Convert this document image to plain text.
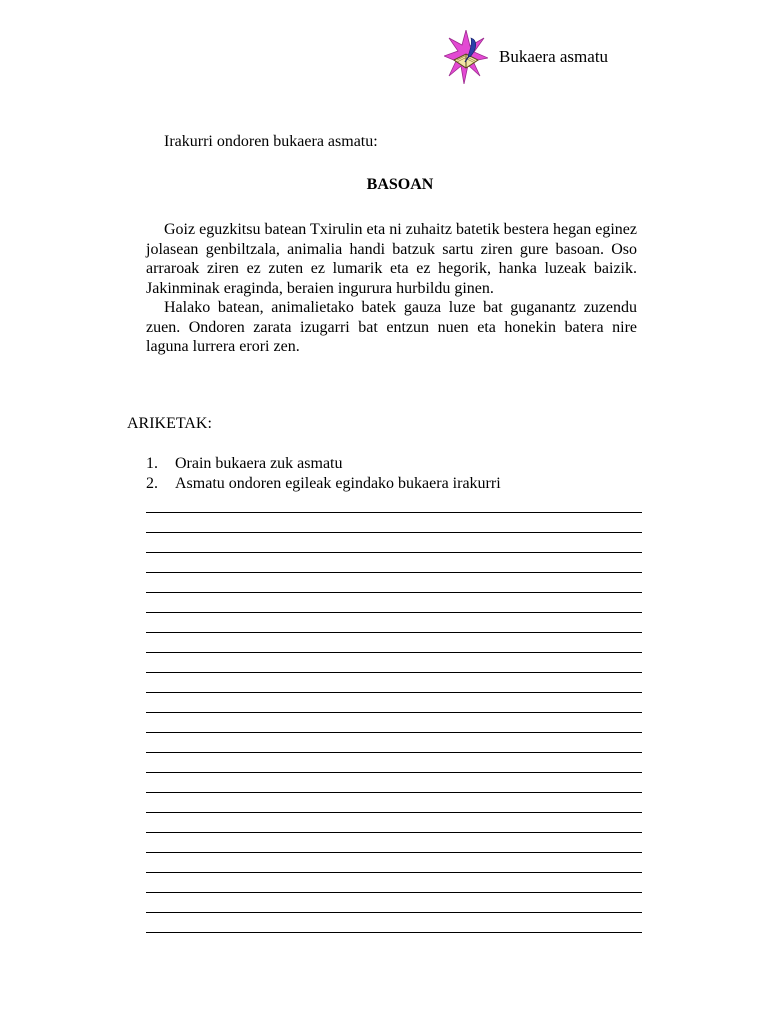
Bukaera asmatu
Irakurri ondoren bukaera asmatu:
BASOAN

Goiz eguzkitsu batean Txirulin eta ni zuhaitz batetik bestera hegan eginez jolasean genbiltzala, animalia handi batzuk sartu ziren gure basoan. Oso arraroak ziren ez zuten ez lumarik eta ez hegorik, hanka luzeak baizik. Jakinminak eraginda, beraien ingurura hurbildu ginen.

Halako batean, animalietako batek gauza luze bat guganantz zuzendu zuen. Ondoren zarata izugarri bat entzun nuen eta honekin batera nire laguna lurrera erori zen.

ARIKETAK:
1. Orain bukaera zuk asmatu
2. Asmatu ondoren egileak egindako bukaera irakurri
